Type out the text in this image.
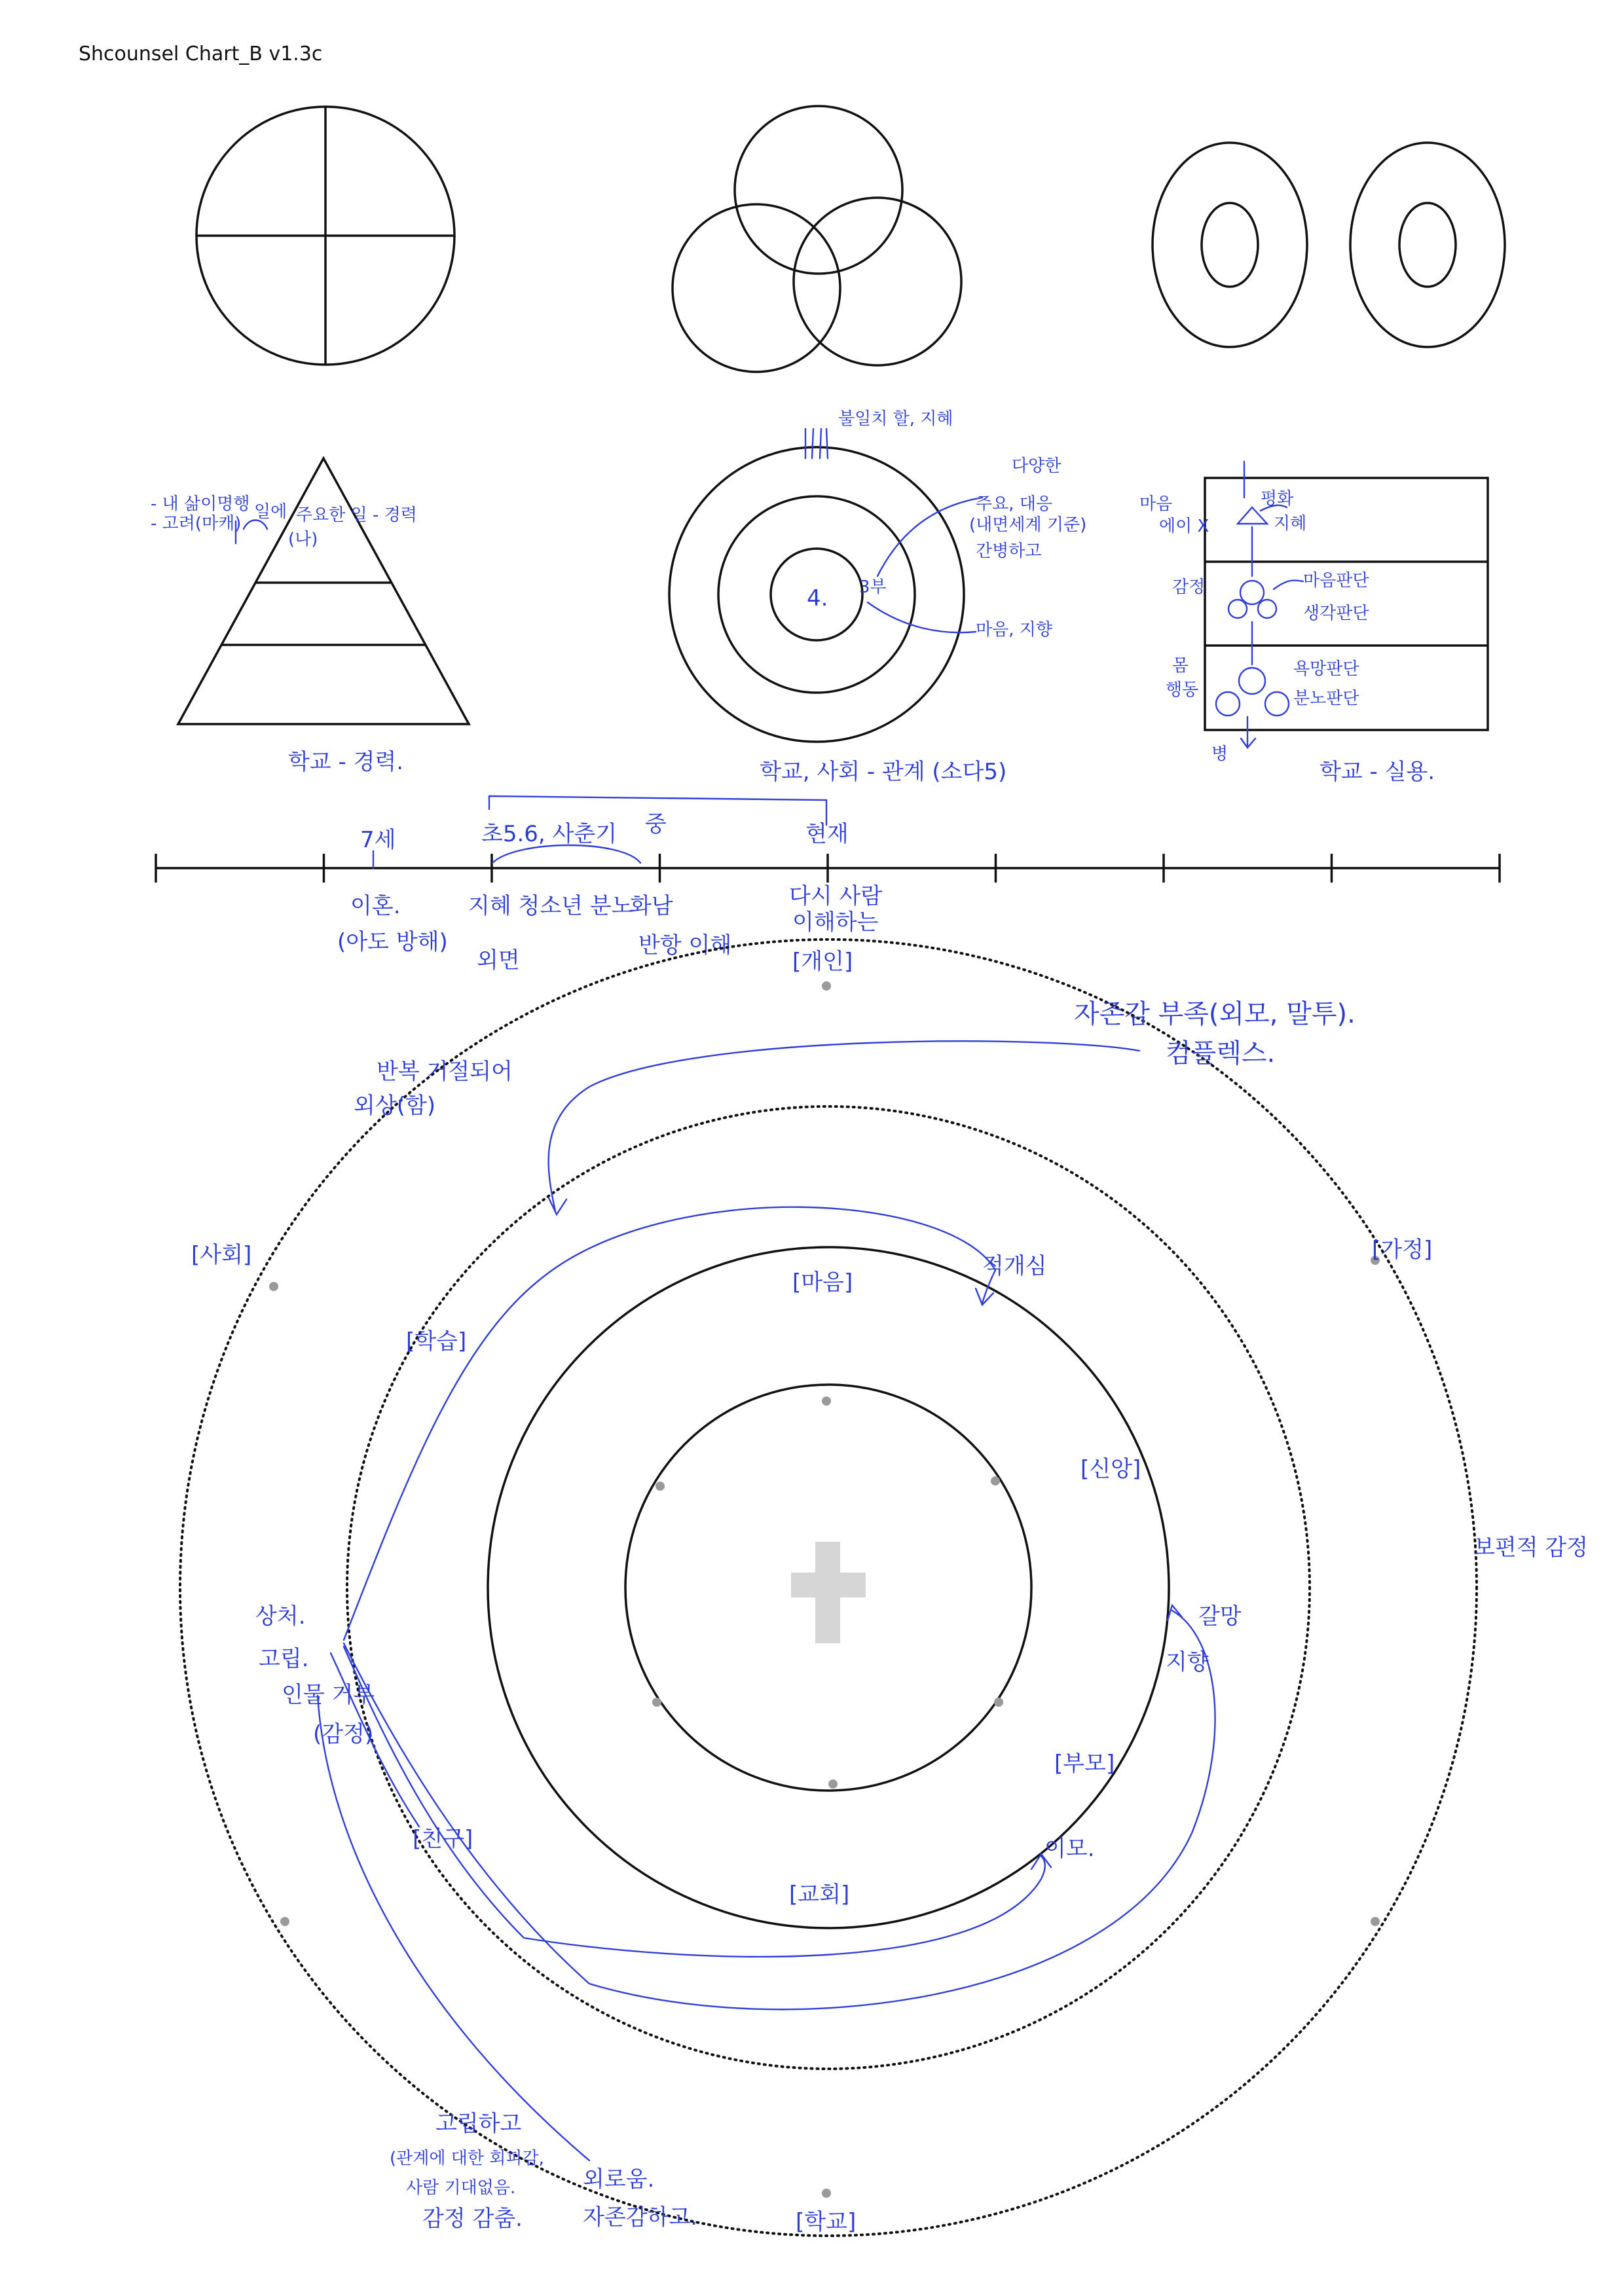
Shcounsel Chart_B v1.3c
- 내 삶이명행
- 고려(마캐)
일에 주요한 일 - 경력
(나)
학교 - 경력.
4.
불일치 할, 지혜
다양한
주요, 대응
(내면세계 기준)
간병하고
마음, 지향
3부
학교, 사회 - 관계 (소다5)
마음
에이 X
감정
몸
행동
병
평화
지혜
마음판단
생각판단
욕망판단
분노판단
학교 - 실용.
7세	초5.6, 사춘기 중	현재
이혼.
(아도 방해)
지혜 청소년 분노
외면
화남
반항 이해
다시 사람
이해하는
[개인]
[사회]	[가정]
[학교]
[마음]
[신앙]
[부모]
[교회]
[학습]
[친구]
자존감 부족(외모, 말투).
컴플렉스.
반복 거절되어
외상(함)
적개심
보편적 감정
갈망
지향
이모.
상처.
고립.
인물 거부
(감정)
고립하고
(관계에 대한 회피감,
사람 기대없음.
감정 감춤.
외로움.
자존감하고.
